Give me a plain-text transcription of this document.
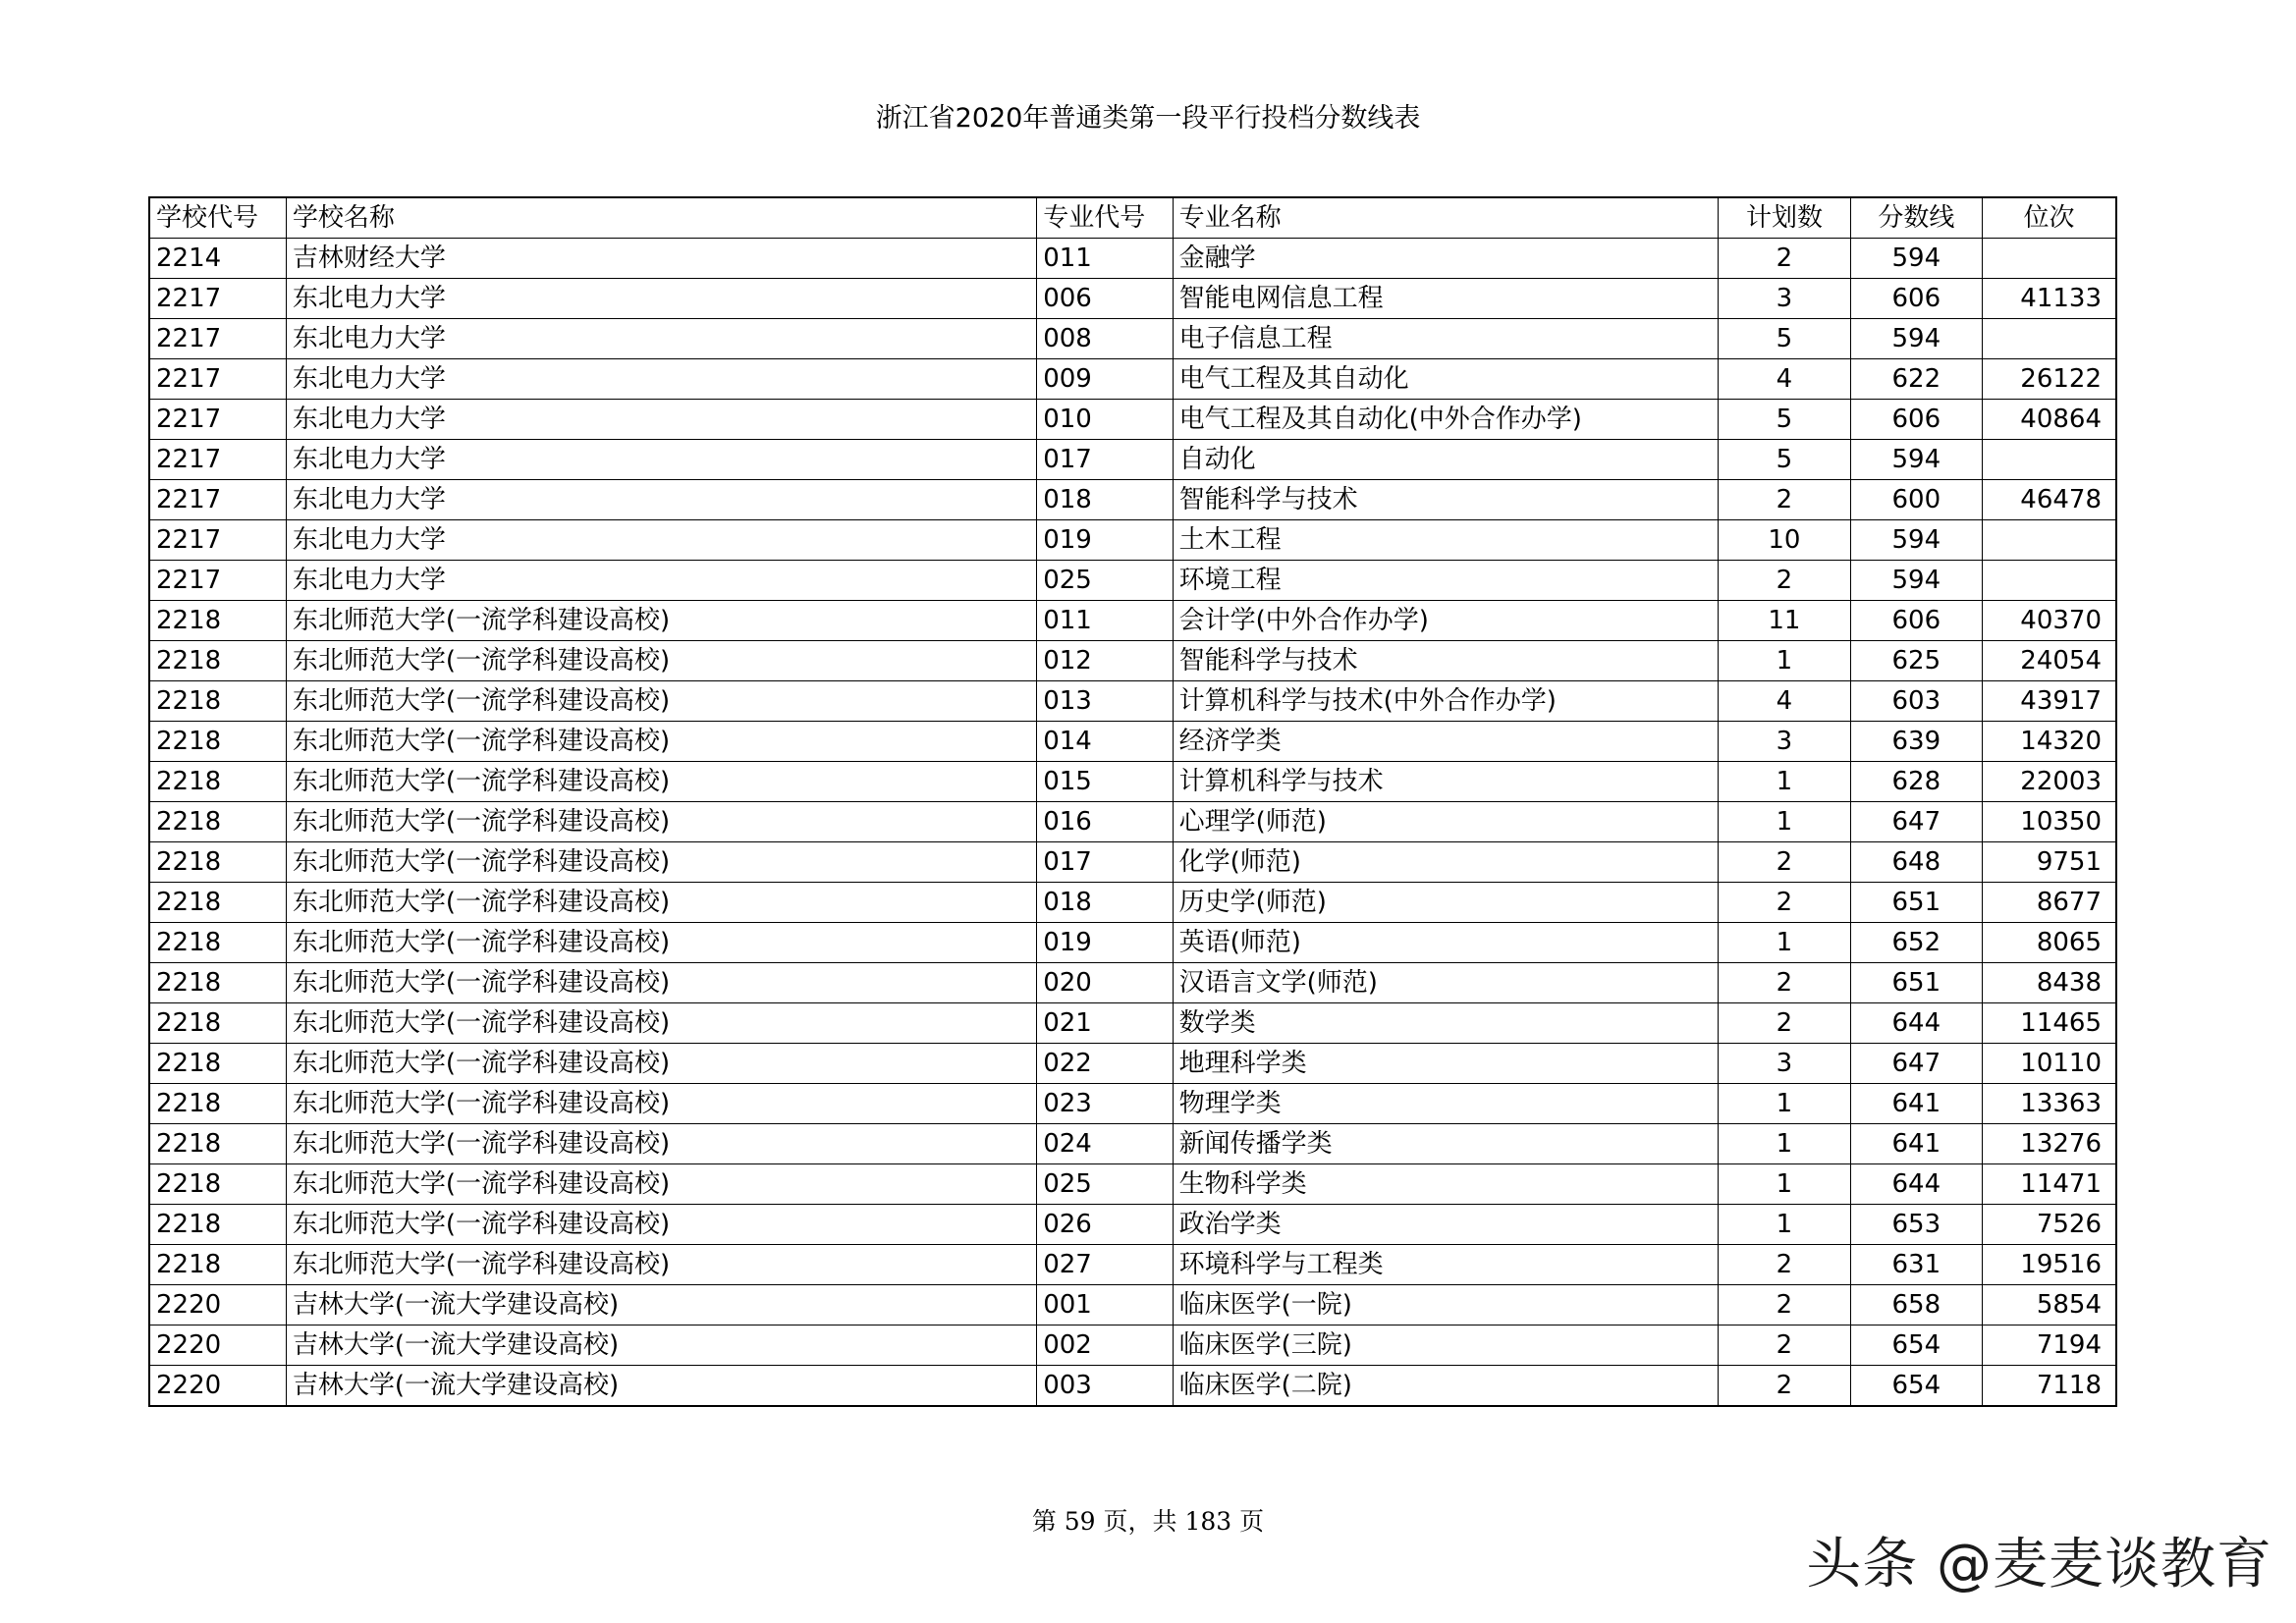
浙江省2020年普通类第一段平行投档分数线表
学校代号	学校名称	专业代号	专业名称	计划数	分数线	位次
2214	吉林财经大学	011	金融学	2	594	
2217	东北电力大学	006	智能电网信息工程	3	606	41133
2217	东北电力大学	008	电子信息工程	5	594	
2217	东北电力大学	009	电气工程及其自动化	4	622	26122
2217	东北电力大学	010	电气工程及其自动化(中外合作办学)	5	606	40864
2217	东北电力大学	017	自动化	5	594	
2217	东北电力大学	018	智能科学与技术	2	600	46478
2217	东北电力大学	019	土木工程	10	594	
2217	东北电力大学	025	环境工程	2	594	
2218	东北师范大学(一流学科建设高校)	011	会计学(中外合作办学)	11	606	40370
2218	东北师范大学(一流学科建设高校)	012	智能科学与技术	1	625	24054
2218	东北师范大学(一流学科建设高校)	013	计算机科学与技术(中外合作办学)	4	603	43917
2218	东北师范大学(一流学科建设高校)	014	经济学类	3	639	14320
2218	东北师范大学(一流学科建设高校)	015	计算机科学与技术	1	628	22003
2218	东北师范大学(一流学科建设高校)	016	心理学(师范)	1	647	10350
2218	东北师范大学(一流学科建设高校)	017	化学(师范)	2	648	9751
2218	东北师范大学(一流学科建设高校)	018	历史学(师范)	2	651	8677
2218	东北师范大学(一流学科建设高校)	019	英语(师范)	1	652	8065
2218	东北师范大学(一流学科建设高校)	020	汉语言文学(师范)	2	651	8438
2218	东北师范大学(一流学科建设高校)	021	数学类	2	644	11465
2218	东北师范大学(一流学科建设高校)	022	地理科学类	3	647	10110
2218	东北师范大学(一流学科建设高校)	023	物理学类	1	641	13363
2218	东北师范大学(一流学科建设高校)	024	新闻传播学类	1	641	13276
2218	东北师范大学(一流学科建设高校)	025	生物科学类	1	644	11471
2218	东北师范大学(一流学科建设高校)	026	政治学类	1	653	7526
2218	东北师范大学(一流学科建设高校)	027	环境科学与工程类	2	631	19516
2220	吉林大学(一流大学建设高校)	001	临床医学(一院)	2	658	5854
2220	吉林大学(一流大学建设高校)	002	临床医学(三院)	2	654	7194
2220	吉林大学(一流大学建设高校)	003	临床医学(二院)	2	654	7118
第 59 页，共 183 页
头条 @麦麦谈教育
